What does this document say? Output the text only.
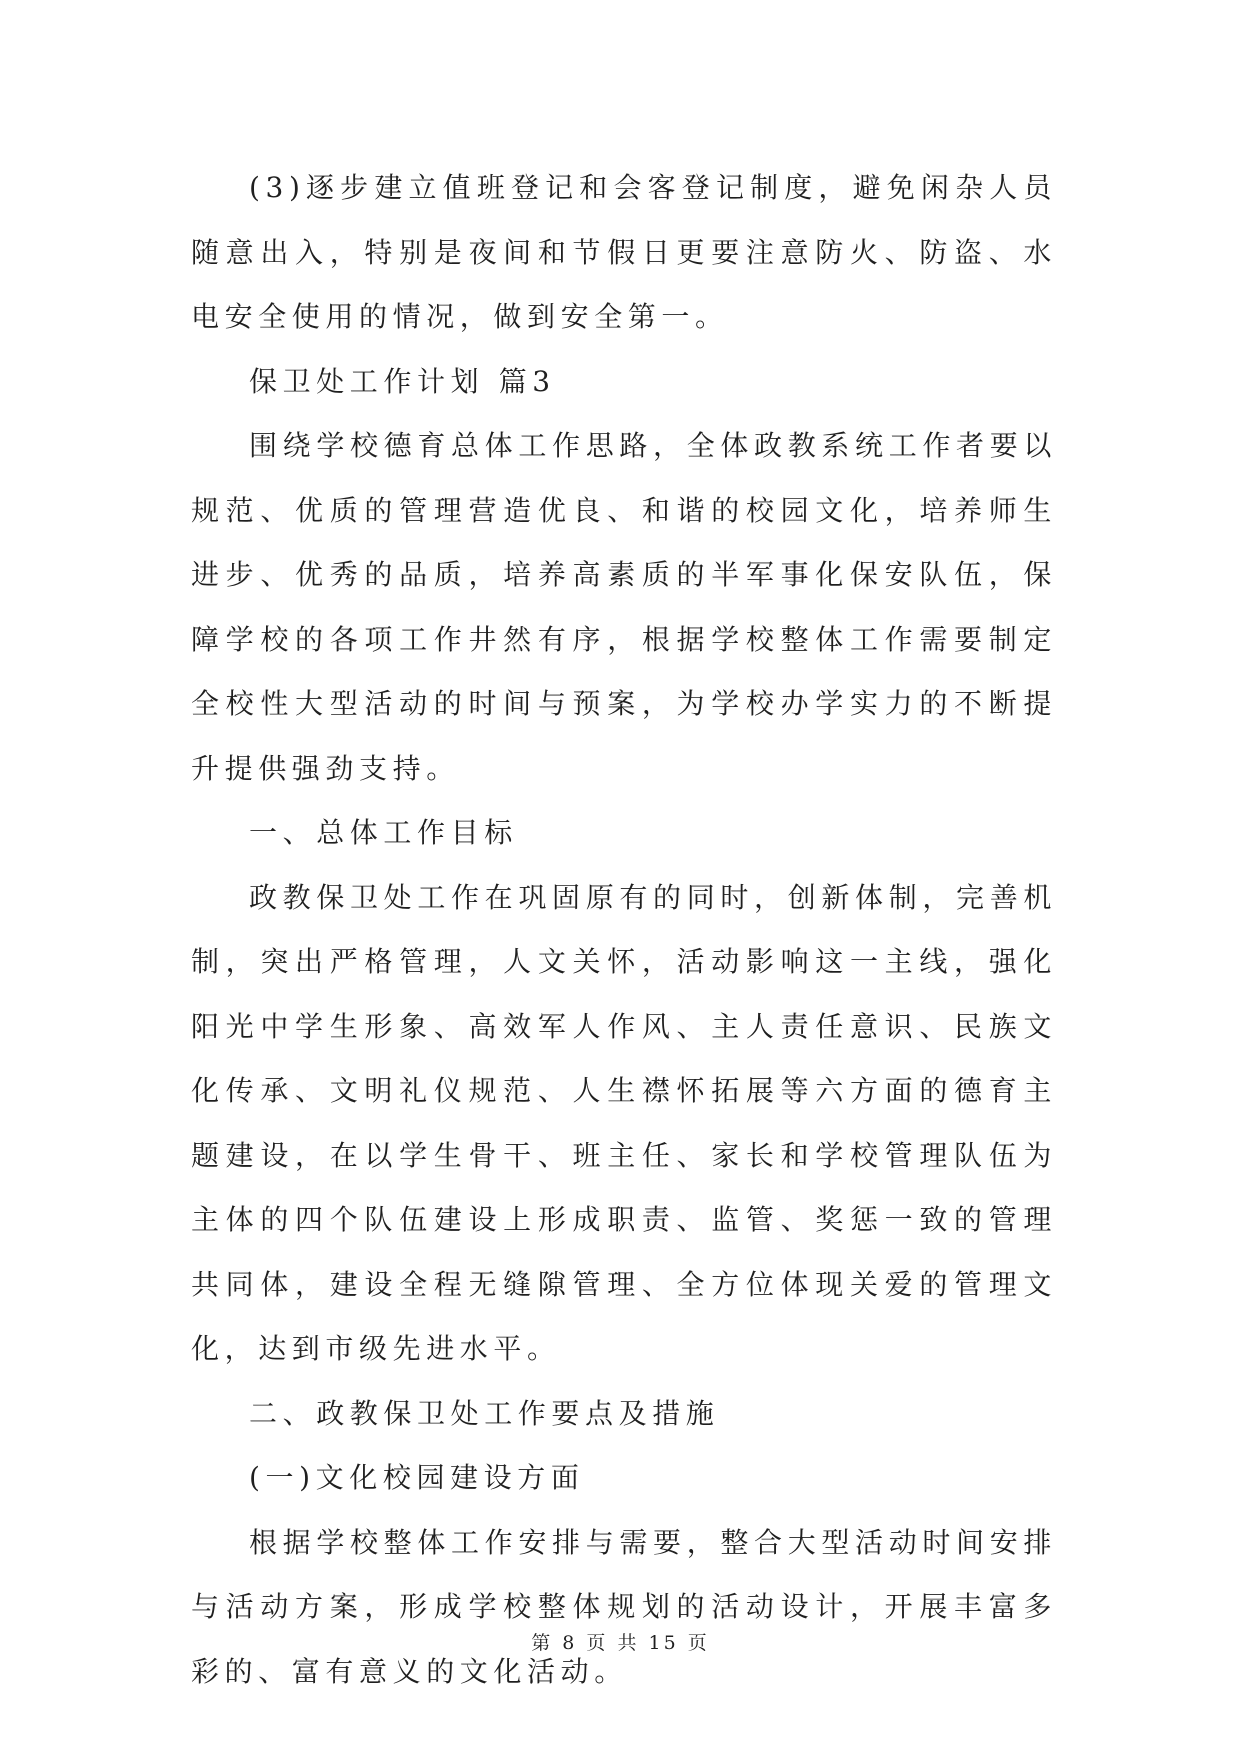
(3)逐步建立值班登记和会客登记制度，避免闲杂人员随意出入，特别是夜间和节假日更要注意防火、防盗、水电安全使用的情况，做到安全第一。

保卫处工作计划 篇3

围绕学校德育总体工作思路，全体政教系统工作者要以规范、优质的管理营造优良、和谐的校园文化，培养师生进步、优秀的品质，培养高素质的半军事化保安队伍，保障学校的各项工作井然有序，根据学校整体工作需要制定全校性大型活动的时间与预案，为学校办学实力的不断提升提供强劲支持。

一、总体工作目标

政教保卫处工作在巩固原有的同时，创新体制，完善机制，突出严格管理，人文关怀，活动影响这一主线，强化阳光中学生形象、高效军人作风、主人责任意识、民族文化传承、文明礼仪规范、人生襟怀拓展等六方面的德育主题建设，在以学生骨干、班主任、家长和学校管理队伍为主体的四个队伍建设上形成职责、监管、奖惩一致的管理共同体，建设全程无缝隙管理、全方位体现关爱的管理文化，达到市级先进水平。

二、政教保卫处工作要点及措施

(一)文化校园建设方面

根据学校整体工作安排与需要，整合大型活动时间安排与活动方案，形成学校整体规划的活动设计，开展丰富多彩的、富有意义的文化活动。

第 8 页 共 15 页
